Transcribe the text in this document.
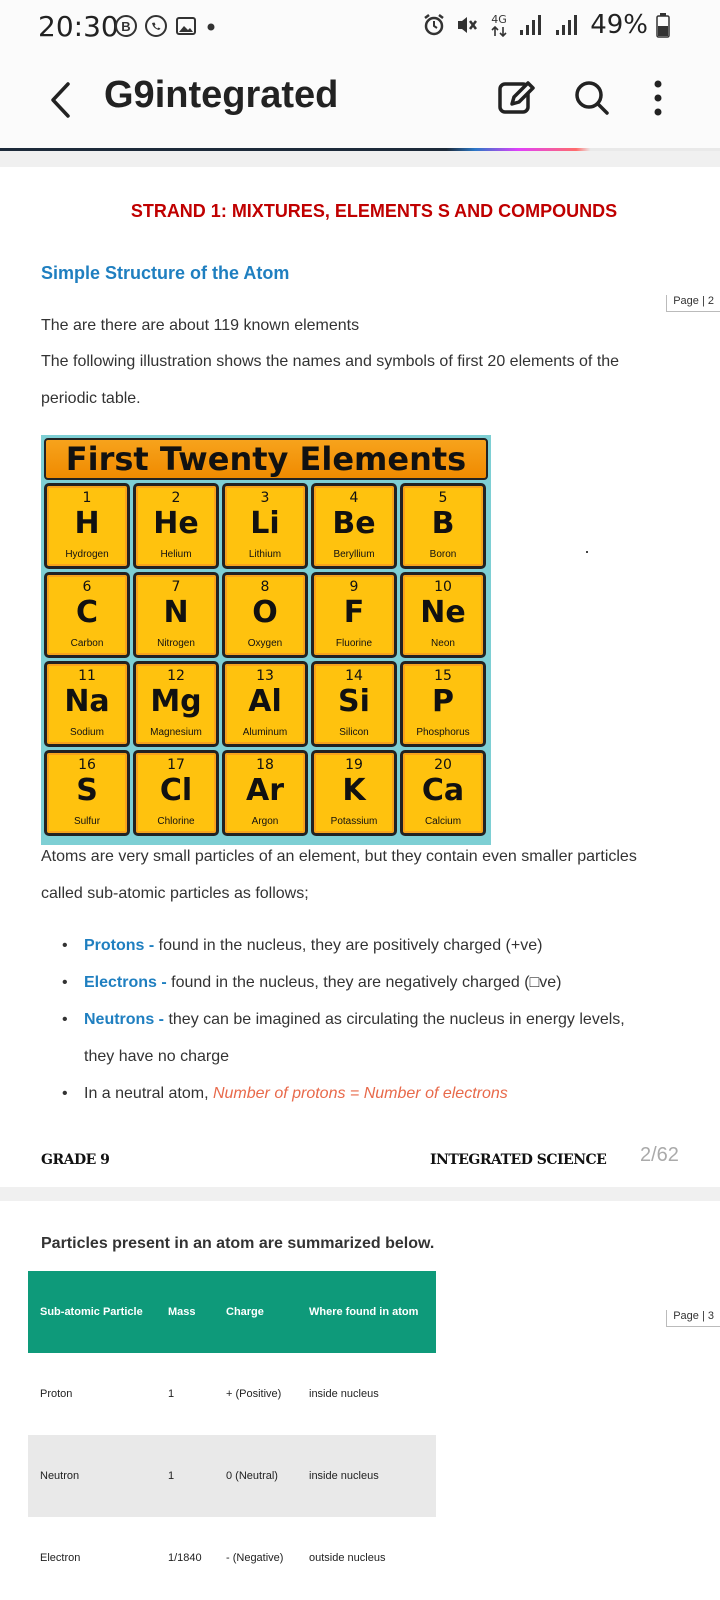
20:30 B	4G	49%
G9integrated
STRAND 1: MIXTURES, ELEMENTS S AND COMPOUNDS
Simple Structure of the Atom
Page | 2
The are there are about 119 known elements
The following illustration shows the names and symbols of first 20 elements of the
periodic table.
First Twenty Elements
1
H
Hydrogen
2
He
Helium
3
Li
Lithium
4
Be
Beryllium
5
B
Boron
6
C
Carbon
7
N
Nitrogen
8
O
Oxygen
9
F
Fluorine
10
Ne
Neon
11
Na
Sodium
12
Mg
Magnesium
13
Al
Aluminum
14
Si
Silicon
15
P
Phosphorus
16
S
Sulfur
17
Cl
Chlorine
18
Ar
Argon
19
K
Potassium
20
Ca
Calcium
Atoms are very small particles of an element, but they contain even smaller particles
called sub-atomic particles as follows;
• Protons - found in the nucleus, they are positively charged (+ve)
• Electrons - found in the nucleus, they are negatively charged (□ve)
• Neutrons - they can be imagined as circulating the nucleus in energy levels,
they have no charge
• In a neutral atom, Number of protons = Number of electrons
GRADE 9	INTEGRATED SCIENCE 2/62
Particles present in an atom are summarized below.
Page | 3
Sub-atomic Particle	Mass	Charge	Where found in atom
Proton	1	+ (Positive)	inside nucleus
Neutron	1	0 (Neutral)	inside nucleus
Electron	1/1840	- (Negative)	outside nucleus
